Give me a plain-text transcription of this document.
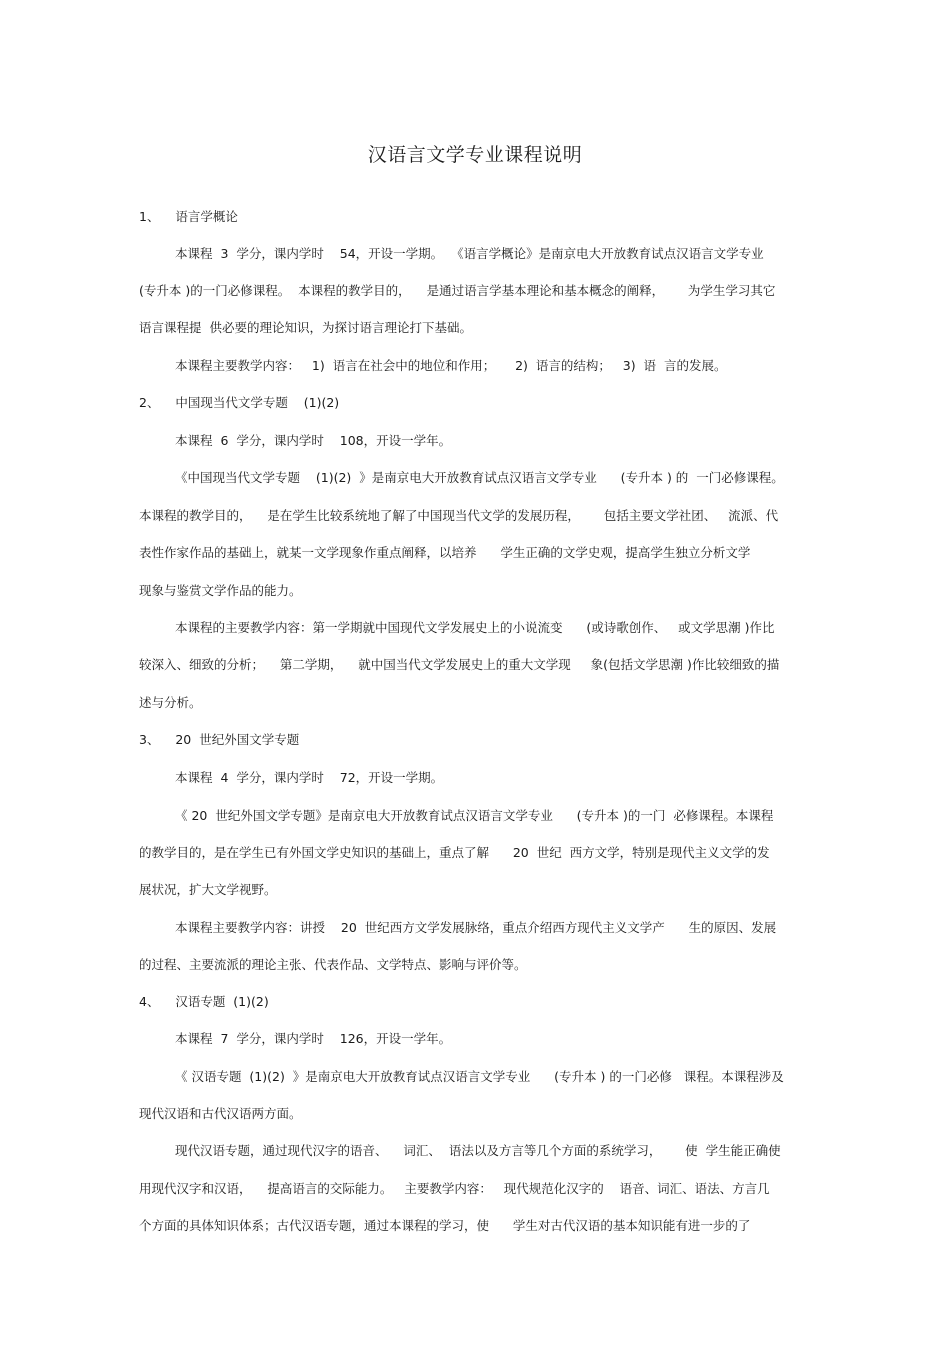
汉语言文学专业课程说明
1、    语言学概论
本课程  3  学分，课内学时    54，开设一学期。  《语言学概论》是南京电大开放教育试点汉语言文学专业
(专升本 )的一门必修课程。  本课程的教学目的，    是通过语言学基本理论和基本概念的阐释，      为学生学习其它
语言课程提  供必要的理论知识，为探讨语言理论打下基础。
本课程主要教学内容：   1)  语言在社会中的地位和作用；     2)  语言的结构；   3)  语  言的发展。
2、    中国现当代文学专题    (1)(2)
本课程  6  学分，课内学时    108，开设一学年。
《中国现当代文学专题    (1)(2)  》是南京电大开放教育试点汉语言文学专业      (专升本 ) 的  一门必修课程。
本课程的教学目的，    是在学生比较系统地了解了中国现当代文学的发展历程，      包括主要文学社团、   流派、代
表性作家作品的基础上，就某一文学现象作重点阐释，以培养      学生正确的文学史观，提高学生独立分析文学
现象与鉴赏文学作品的能力。
本课程的主要教学内容：第一学期就中国现代文学发展史上的小说流变      (或诗歌创作、   或文学思潮 )作比
较深入、细致的分析；    第二学期，    就中国当代文学发展史上的重大文学现     象(包括文学思潮 )作比较细致的描
述与分析。
3、    20  世纪外国文学专题
本课程  4  学分，课内学时    72，开设一学期。
《 20  世纪外国文学专题》是南京电大开放教育试点汉语言文学专业      (专升本 )的一门  必修课程。本课程
的教学目的，是在学生已有外国文学史知识的基础上，重点了解      20  世纪  西方文学，特别是现代主义文学的发
展状况，扩大文学视野。
本课程主要教学内容：讲授    20  世纪西方文学发展脉络，重点介绍西方现代主义文学产      生的原因、发展
的过程、主要流派的理论主张、代表作品、文学特点、影响与评价等。
4、    汉语专题  (1)(2)
本课程  7  学分，课内学时    126，开设一学年。
《 汉语专题  (1)(2)  》是南京电大开放教育试点汉语言文学专业      (专升本 ) 的一门必修   课程。本课程涉及
现代汉语和古代汉语两方面。
现代汉语专题，通过现代汉字的语音、    词汇、  语法以及方言等几个方面的系统学习，      使  学生能正确使
用现代汉字和汉语，    提高语言的交际能力。   主要教学内容：   现代规范化汉字的    语音、词汇、语法、方言几
个方面的具体知识体系；古代汉语专题，通过本课程的学习，使      学生对古代汉语的基本知识能有进一步的了
